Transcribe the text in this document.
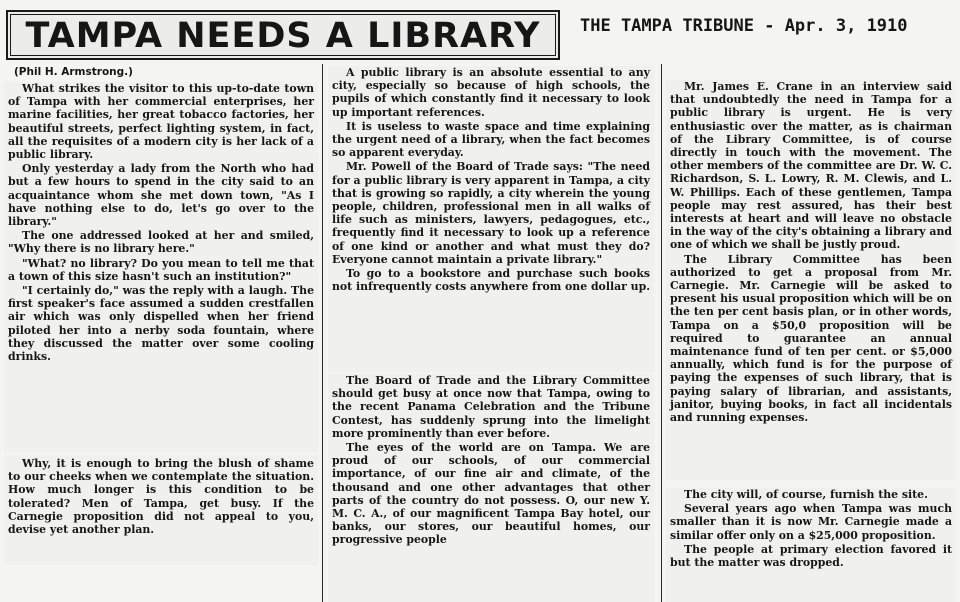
TAMPA NEEDS A LIBRARY	THE TAMPA TRIBUNE - Apr. 3, 1910
(Phil H. Armstrong.)

What strikes the visitor to this up-to-date town of Tampa with her commercial enterprises, her marine facilities, her great tobacco factories, her beautiful streets, perfect lighting system, in fact, all the requisites of a modern city is her lack of a public library.

Only yesterday a lady from the North who had but a few hours to spend in the city said to an acquaintance whom she met down town, "As I have nothing else to do, let's go over to the library."

The one addressed looked at her and smiled, "Why there is no library here."

"What? no library? Do you mean to tell me that a town of this size hasn't such an institution?"

"I certainly do," was the reply with a laugh. The first speaker's face assumed a sudden crestfallen air which was only dispelled when her friend piloted her into a nerby soda fountain, where they discussed the matter over some cooling drinks.

Why, it is enough to bring the blush of shame to our cheeks when we contemplate the situation. How much longer is this condition to be tolerated? Men of Tampa, get busy. If the Carnegie proposition did not appeal to you, devise yet another plan.

A public library is an absolute essential to any city, especially so because of high schools, the pupils of which constantly find it necessary to look up important references.

It is useless to waste space and time explaining the urgent need of a library, when the fact becomes so apparent everyday.

Mr. Powell of the Board of Trade says: "The need for a public library is very apparent in Tampa, a city that is growing so rapidly, a city wherein the young people, children, professional men in all walks of life such as ministers, lawyers, pedagogues, etc., frequently find it necessary to look up a reference of one kind or another and what must they do? Everyone cannot maintain a private library."

To go to a bookstore and purchase such books not infrequently costs anywhere from one dollar up.

The Board of Trade and the Library Committee should get busy at once now that Tampa, owing to the recent Panama Celebration and the Tribune Contest, has suddenly sprung into the limelight more prominently than ever before.

The eyes of the world are on Tampa. We are proud of our schools, of our commercial importance, of our fine air and climate, of the thousand and one other advantages that other parts of the country do not possess. O, our new Y. M. C. A., of our magnificent Tampa Bay hotel, our banks, our stores, our beautiful homes, our progressive people

Mr. James E. Crane in an interview said that undoubtedly the need in Tampa for a public library is urgent. He is very enthusiastic over the matter, as is chairman of the Library Committee, is of course directly in touch with the movement. The other members of the committee are Dr. W. C. Richardson, S. L. Lowry, R. M. Clewis, and L. W. Phillips. Each of these gentlemen, Tampa people may rest assured, has their best interests at heart and will leave no obstacle in the way of the city's obtaining a library and one of which we shall be justly proud.

The Library Committee has been authorized to get a proposal from Mr. Carnegie. Mr. Carnegie will be asked to present his usual proposition which will be on the ten per cent basis plan, or in other words, Tampa on a $50,0 proposition will be required to guarantee an annual maintenance fund of ten per cent. or $5,000 annually, which fund is for the purpose of paying the expenses of such library, that is paying salary of librarian, and assistants, janitor, buying books, in fact all incidentals and running expenses.

The city will, of course, furnish the site.

Several years ago when Tampa was much smaller than it is now Mr. Carnegie made a similar offer only on a $25,000 proposition.

The people at primary election favored it but the matter was dropped.
